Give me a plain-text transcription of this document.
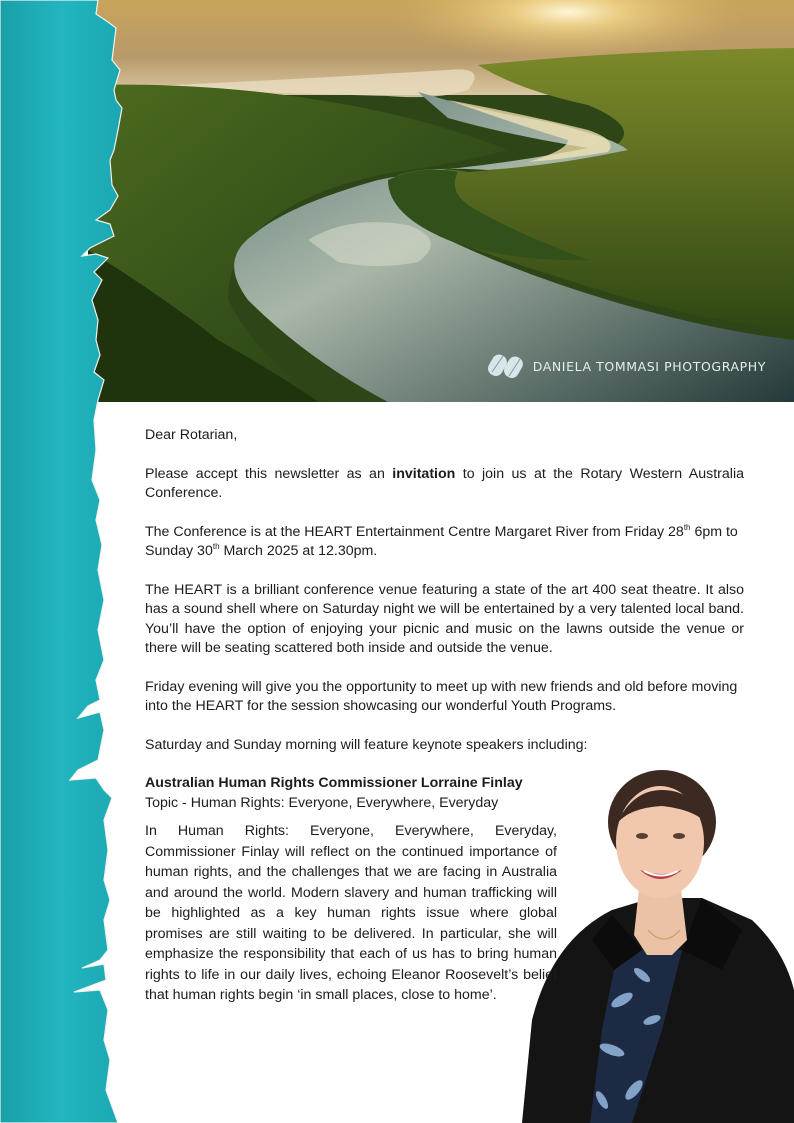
DANIELA TOMMASI PHOTOGRAPHY

Dear Rotarian,

Please accept this newsletter as an invitation to join us at the Rotary Western Australia Conference.

The Conference is at the HEART Entertainment Centre Margaret River from Friday 28th 6pm to Sunday 30th March 2025 at 12.30pm.

The HEART is a brilliant conference venue featuring a state of the art 400 seat theatre. It also has a sound shell where on Saturday night we will be entertained by a very talented local band. You’ll have the option of enjoying your picnic and music on the lawns outside the venue or there will be seating scattered both inside and outside the venue.

Friday evening will give you the opportunity to meet up with new friends and old before moving into the HEART for the session showcasing our wonderful Youth Programs.

Saturday and Sunday morning will feature keynote speakers including:

Australian Human Rights Commissioner Lorraine Finlay

Topic - Human Rights: Everyone, Everywhere, Everyday

In Human Rights: Everyone, Everywhere, Everyday, Commissioner Finlay will reflect on the continued importance of human rights, and the challenges that we are facing in Australia and around the world. Modern slavery and human trafficking will be highlighted as a key human rights issue where global promises are still waiting to be delivered. In particular, she will emphasize the responsibility that each of us has to bring human rights to life in our daily lives, echoing Eleanor Roosevelt’s belief that human rights begin ‘in small places, close to home’.
